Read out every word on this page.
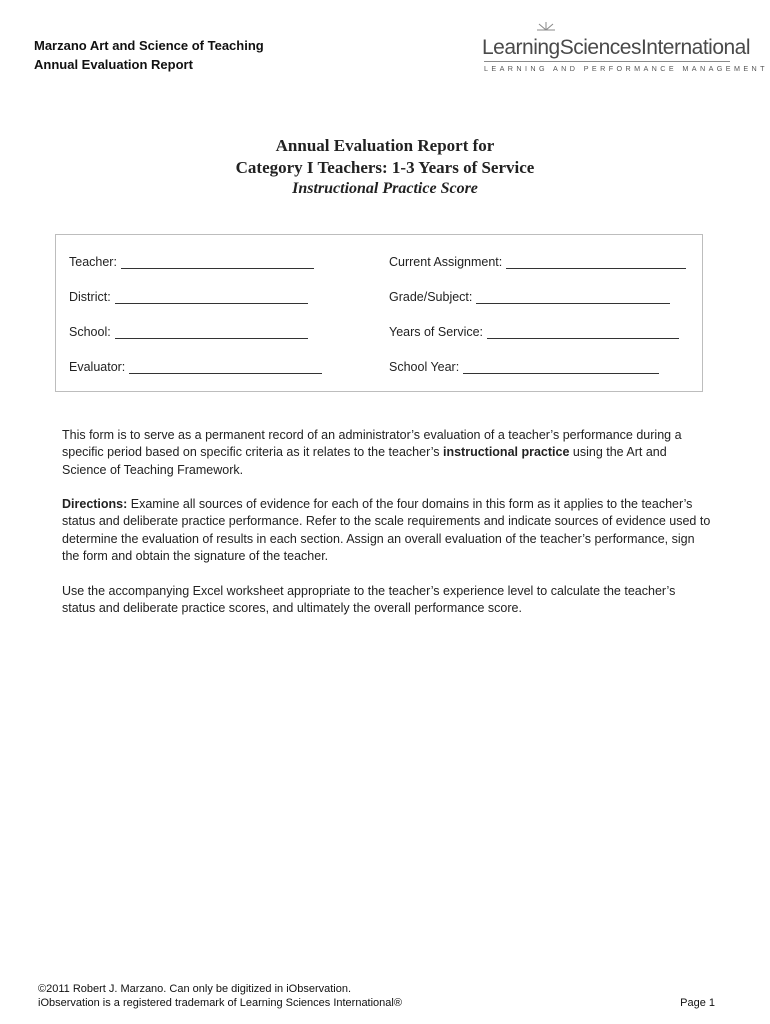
Marzano Art and Science of Teaching
Annual Evaluation Report
LearningSciencesInternational
LEARNING AND PERFORMANCE MANAGEMENT
Annual Evaluation Report for
Category I Teachers: 1-3 Years of Service
Instructional Practice Score
Teacher:	Current Assignment:
District:	Grade/Subject:
School:	Years of Service:
Evaluator:	School Year:
This form is to serve as a permanent record of an administrator’s evaluation of a teacher’s performance during a specific period based on specific criteria as it relates to the teacher’s instructional practice using the Art and Science of Teaching Framework.
Directions: Examine all sources of evidence for each of the four domains in this form as it applies to the teacher’s status and deliberate practice performance. Refer to the scale requirements and indicate sources of evidence used to determine the evaluation of results in each section. Assign an overall evaluation of the teacher’s performance, sign the form and obtain the signature of the teacher.
Use the accompanying Excel worksheet appropriate to the teacher’s experience level to calculate the teacher’s status and deliberate practice scores, and ultimately the overall performance score.
©2011 Robert J. Marzano. Can only be digitized in iObservation.
iObservation is a registered trademark of Learning Sciences International®	Page 1
